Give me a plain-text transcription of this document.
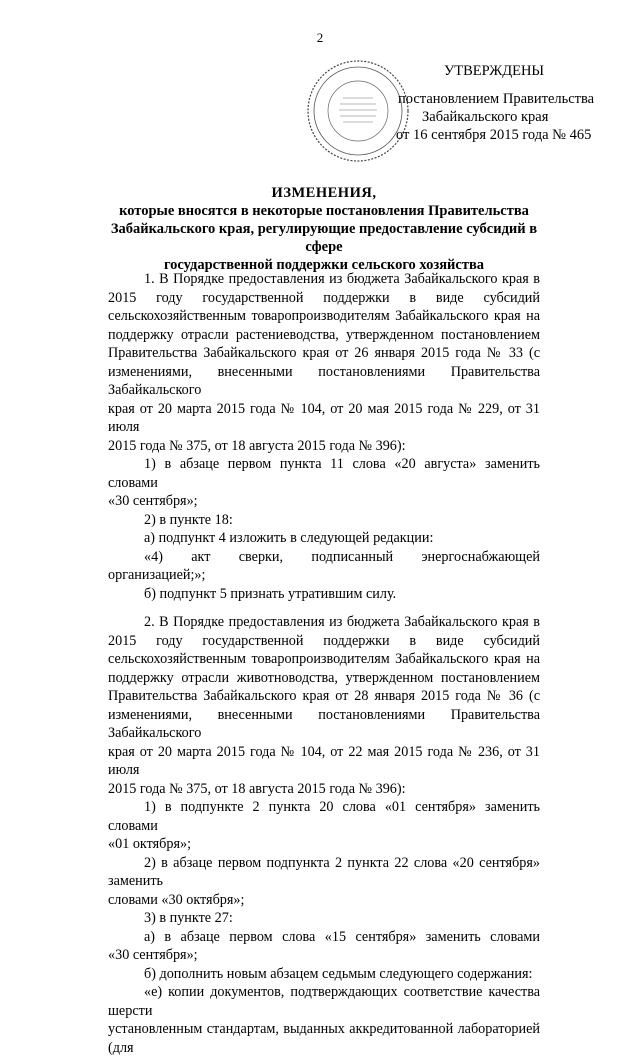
2
УТВЕРЖДЕНЫ
постановлением Правительства
Забайкальского края
от 16 сентября 2015 года № 465
ИЗМЕНЕНИЯ,
которые вносятся в некоторые постановления Правительства
Забайкальского края, регулирующие предоставление субсидий в сфере
государственной поддержки сельского хозяйства

1. В Порядке предоставления из бюджета Забайкальского края в

2015 году государственной поддержки в виде субсидий

сельскохозяйственным товаропроизводителям Забайкальского края на

поддержку отрасли растениеводства, утвержденном постановлением

Правительства Забайкальского края от 26 января 2015 года № 33 (с

изменениями, внесенными постановлениями Правительства Забайкальского

края от 20 марта 2015 года № 104, от 20 мая 2015 года № 229, от 31 июля

2015 года № 375, от 18 августа 2015 года № 396):

1) в абзаце первом пункта 11 слова «20 августа» заменить словами

«30 сентября»;

2) в пункте 18:

а) подпункт 4 изложить в следующей редакции:

«4) акт сверки, подписанный энергоснабжающей организацией;»;

б) подпункт 5 признать утратившим силу.

2. В Порядке предоставления из бюджета Забайкальского края в

2015 году государственной поддержки в виде субсидий

сельскохозяйственным товаропроизводителям Забайкальского края на

поддержку отрасли животноводства, утвержденном постановлением

Правительства Забайкальского края от 28 января 2015 года № 36 (с

изменениями, внесенными постановлениями Правительства Забайкальского

края от 20 марта 2015 года № 104, от 22 мая 2015 года № 236, от 31 июля

2015 года № 375, от 18 августа 2015 года № 396):

1) в подпункте 2 пункта 20 слова «01 сентября» заменить словами

«01 октября»;

2) в абзаце первом подпункта 2 пункта 22 слова «20 сентября» заменить

словами «30 октября»;

3) в пункте 27:

а) в абзаце первом слова «15 сентября» заменить словами

«30 сентября»;

б) дополнить новым абзацем седьмым следующего содержания:

«е) копии документов, подтверждающих соответствие качества шерсти

установленным стандартам, выданных аккредитованной лабораторией (для
